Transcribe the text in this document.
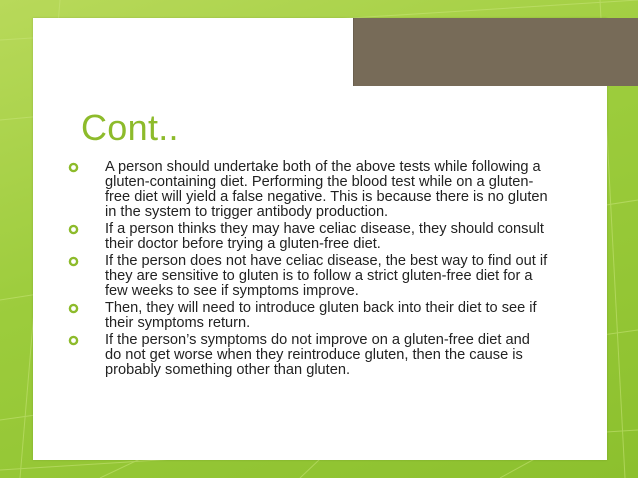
Cont..
A person should undertake both of the above tests while following a gluten-containing diet. Performing the blood test while on a gluten-free diet will yield a false negative. This is because there is no gluten in the system to trigger antibody production.
If a person thinks they may have celiac disease, they should consult their doctor before trying a gluten-free diet.
If the person does not have celiac disease, the best way to find out if they are sensitive to gluten is to follow a strict gluten-free diet for a few weeks to see if symptoms improve.
Then, they will need to introduce gluten back into their diet to see if their symptoms return.
If the person’s symptoms do not improve on a gluten-free diet and do not get worse when they reintroduce gluten, then the cause is probably something other than gluten.
